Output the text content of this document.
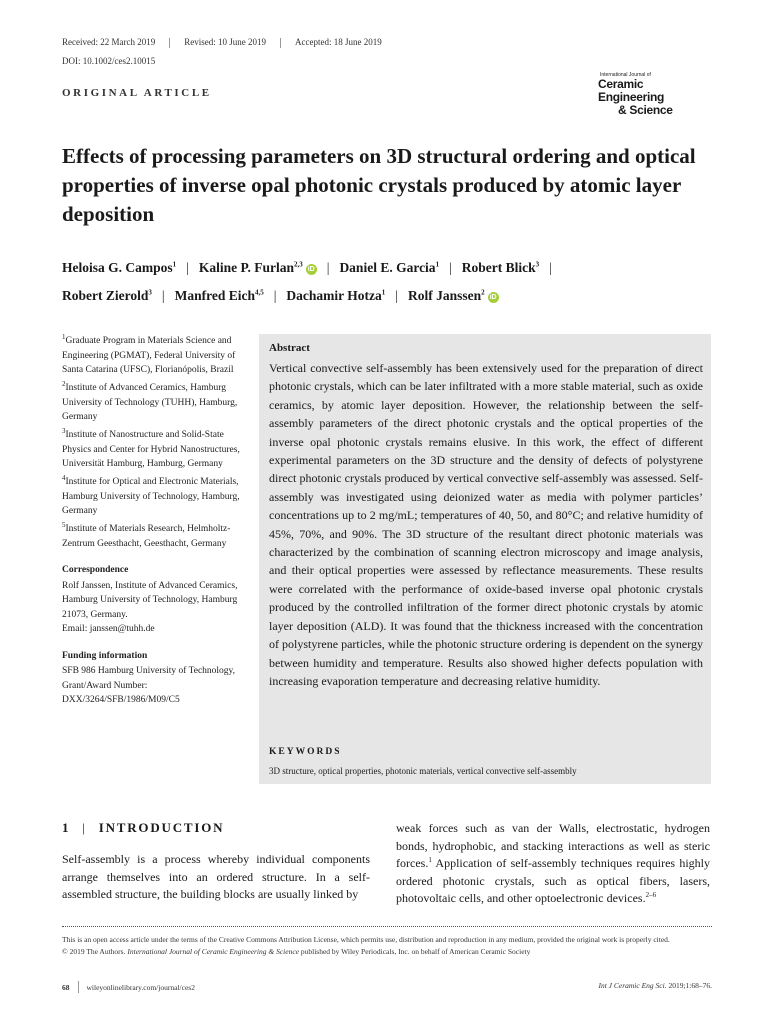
Received: 22 March 2019	Revised: 10 June 2019	Accepted: 18 June 2019
DOI: 10.1002/ces2.10015
ORIGINAL ARTICLE
International Journal of
Ceramic Engineering
& Science
Effects of processing parameters on 3D structural ordering and optical properties of inverse opal photonic crystals produced by atomic layer deposition
Heloisa G. Campos$^1$ | Kaline P. Furlan$^{2,3}$iD | Daniel E. Garcia$^1$ | Robert Blick$^3$ |
Robert Zierold$^3$ | Manfred Eich$^{4,5}$ | Dachamir Hotza$^1$ | Rolf Janssen$^2$iD

$^1$Graduate Program in Materials Science and Engineering (PGMAT), Federal University of Santa Catarina (UFSC), Florianópolis, Brazil

$^2$Institute of Advanced Ceramics, Hamburg University of Technology (TUHH), Hamburg, Germany

$^3$Institute of Nanostructure and Solid-State Physics and Center for Hybrid Nanostructures, Universität Hamburg, Hamburg, Germany

$^4$Institute for Optical and Electronic Materials, Hamburg University of Technology, Hamburg, Germany

$^5$Institute of Materials Research, Helmholtz-Zentrum Geesthacht, Geesthacht, Germany

Correspondence

Rolf Janssen, Institute of Advanced Ceramics, Hamburg University of Technology, Hamburg 21073, Germany.
Email: janssen@tuhh.de

Funding information

SFB 986 Hamburg University of Technology, Grant/Award Number: DXX/3264/SFB/1986/M09/C5

Abstract
Vertical convective self-assembly has been extensively used for the preparation of direct photonic crystals, which can be later infiltrated with a more stable material, such as oxide ceramics, by atomic layer deposition. However, the relationship between the self-assembly parameters of the direct photonic crystals and the optical properties of the inverse opal photonic crystals remains elusive. In this work, the effect of different experimental parameters on the 3D structure and the density of defects of polystyrene direct photonic crystals produced by vertical convective self-assembly was assessed. Self-assembly was investigated using deionized water as media with polymer particles’ concentrations up to 2 mg/mL; temperatures of 40, 50, and 80°C; and relative humidity of 45%, 70%, and 90%. The 3D structure of the resultant direct photonic materials was characterized by the combination of scanning electron microscopy and image analysis, and their optical properties were assessed by reflectance measurements. These results were correlated with the performance of oxide-based inverse opal photonic crystals produced by the controlled infiltration of the former direct photonic crystals by atomic layer deposition (ALD). It was found that the thickness increased with the concentration of polystyrene particles, while the photonic structure ordering is dependent on the synergy between humidity and temperature. Results also showed higher defects population with increasing evaporation temperature and decreasing relative humidity.
KEYWORDS
3D structure, optical properties, photonic materials, vertical convective self-assembly
1 | INTRODUCTION
Self-assembly is a process whereby individual components arrange themselves into an ordered structure. In a self-assembled structure, the building blocks are usually linked by
weak forces such as van der Walls, electrostatic, hydrogen bonds, hydrophobic, and stacking interactions as well as steric forces.$^1$ Application of self-assembly techniques requires highly ordered photonic crystals, such as optical fibers, lasers, photovoltaic cells, and other optoelectronic devices.$^{2-6}$

This is an open access article under the terms of the Creative Commons Attribution License, which permits use, distribution and reproduction in any medium, provided the original work is properly cited.

© 2019 The Authors. International Journal of Ceramic Engineering & Science published by Wiley Periodicals, Inc. on behalf of American Ceramic Society

68 wileyonlinelibrary.com/journal/ces2	Int J Ceramic Eng Sci. 2019;1:68–76.
